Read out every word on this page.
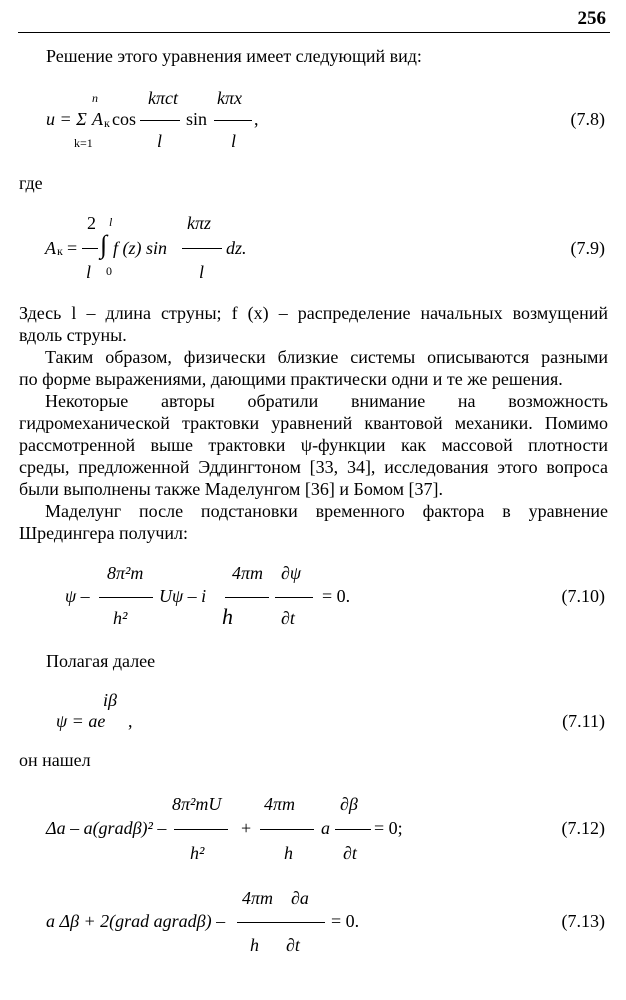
256
Решение этого уравнения имеет следующий вид:
n
u = Σ A к cos
k=1
kπct
l
sin
kπx
l
,	(7.8)
где
2 l	kπz
A к = ∫ f (z) sin	dz.
l 0	l
(7.9)
Здесь l – длина струны; f (x) – распределение начальных возмущений
вдоль струны.
Таким образом, физически близкие системы описываются разными
по форме выражениями, дающими практически одни и те же решения.
Некоторые авторы обратили внимание на возможность
гидромеханической трактовки уравнений квантовой механики. Помимо
рассмотренной выше трактовки ψ-функции как массовой плотности
среды, предложенной Эддингтоном [33, 34], исследования этого вопроса
были выполнены также Маделунгом [36] и Бомом [37].
Маделунг после подстановки временного фактора в уравнение
Шредингера получил:
8π²m	4πm ∂ψ
ψ –	Uψ – i	= 0.
h²	h	∂t
(7.10)
Полагая далее
iβ
ψ = ae ,	(7.11)
он нашел
8π²mU 4πm ∂β
Δa – a(gradβ)² –	+	a = 0;
h²	h	∂t
(7.12)
4πm    ∂a
a Δβ + 2(grad agradβ) –	= 0.
h      ∂t
(7.13)
